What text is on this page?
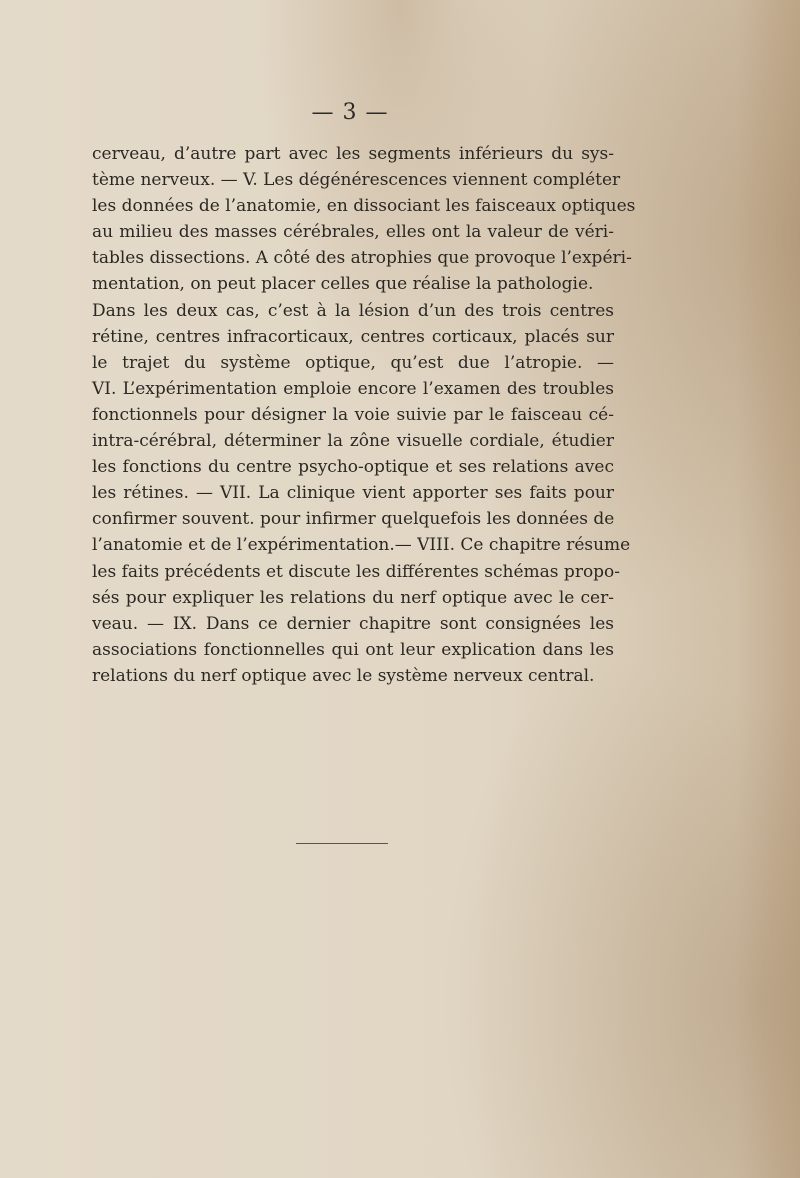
— 3 —
cerveau, d’autre part avec les segments inférieurs du sys-
tème nerveux. — V. Les dégénérescences viennent compléter
les données de l’anatomie, en dissociant les faisceaux optiques
au milieu des masses cérébrales, elles ont la valeur de véri-
tables dissections. A côté des atrophies que provoque l’expéri-
mentation, on peut placer celles que réalise la pathologie.
Dans les deux cas, c’est à la lésion d’un des trois centres
rétine, centres infracorticaux, centres corticaux, placés sur
le trajet du système optique, qu’est due l’atropie. —
VI. L’expérimentation emploie encore l’examen des troubles
fonctionnels pour désigner la voie suivie par le faisceau cé-
intra-cérébral, déterminer la zône visuelle cordiale, étudier
les fonctions du centre psycho-optique et ses relations avec
les rétines. — VII. La clinique vient apporter ses faits pour
confirmer souvent. pour infirmer quelquefois les données de
l’anatomie et de l’expérimentation.— VIII. Ce chapitre résume
les faits précédents et discute les différentes schémas propo-
sés pour expliquer les relations du nerf optique avec le cer-
veau. — IX. Dans ce dernier chapitre sont consignées les
associations fonctionnelles qui ont leur explication dans les
relations du nerf optique avec le système nerveux central.
